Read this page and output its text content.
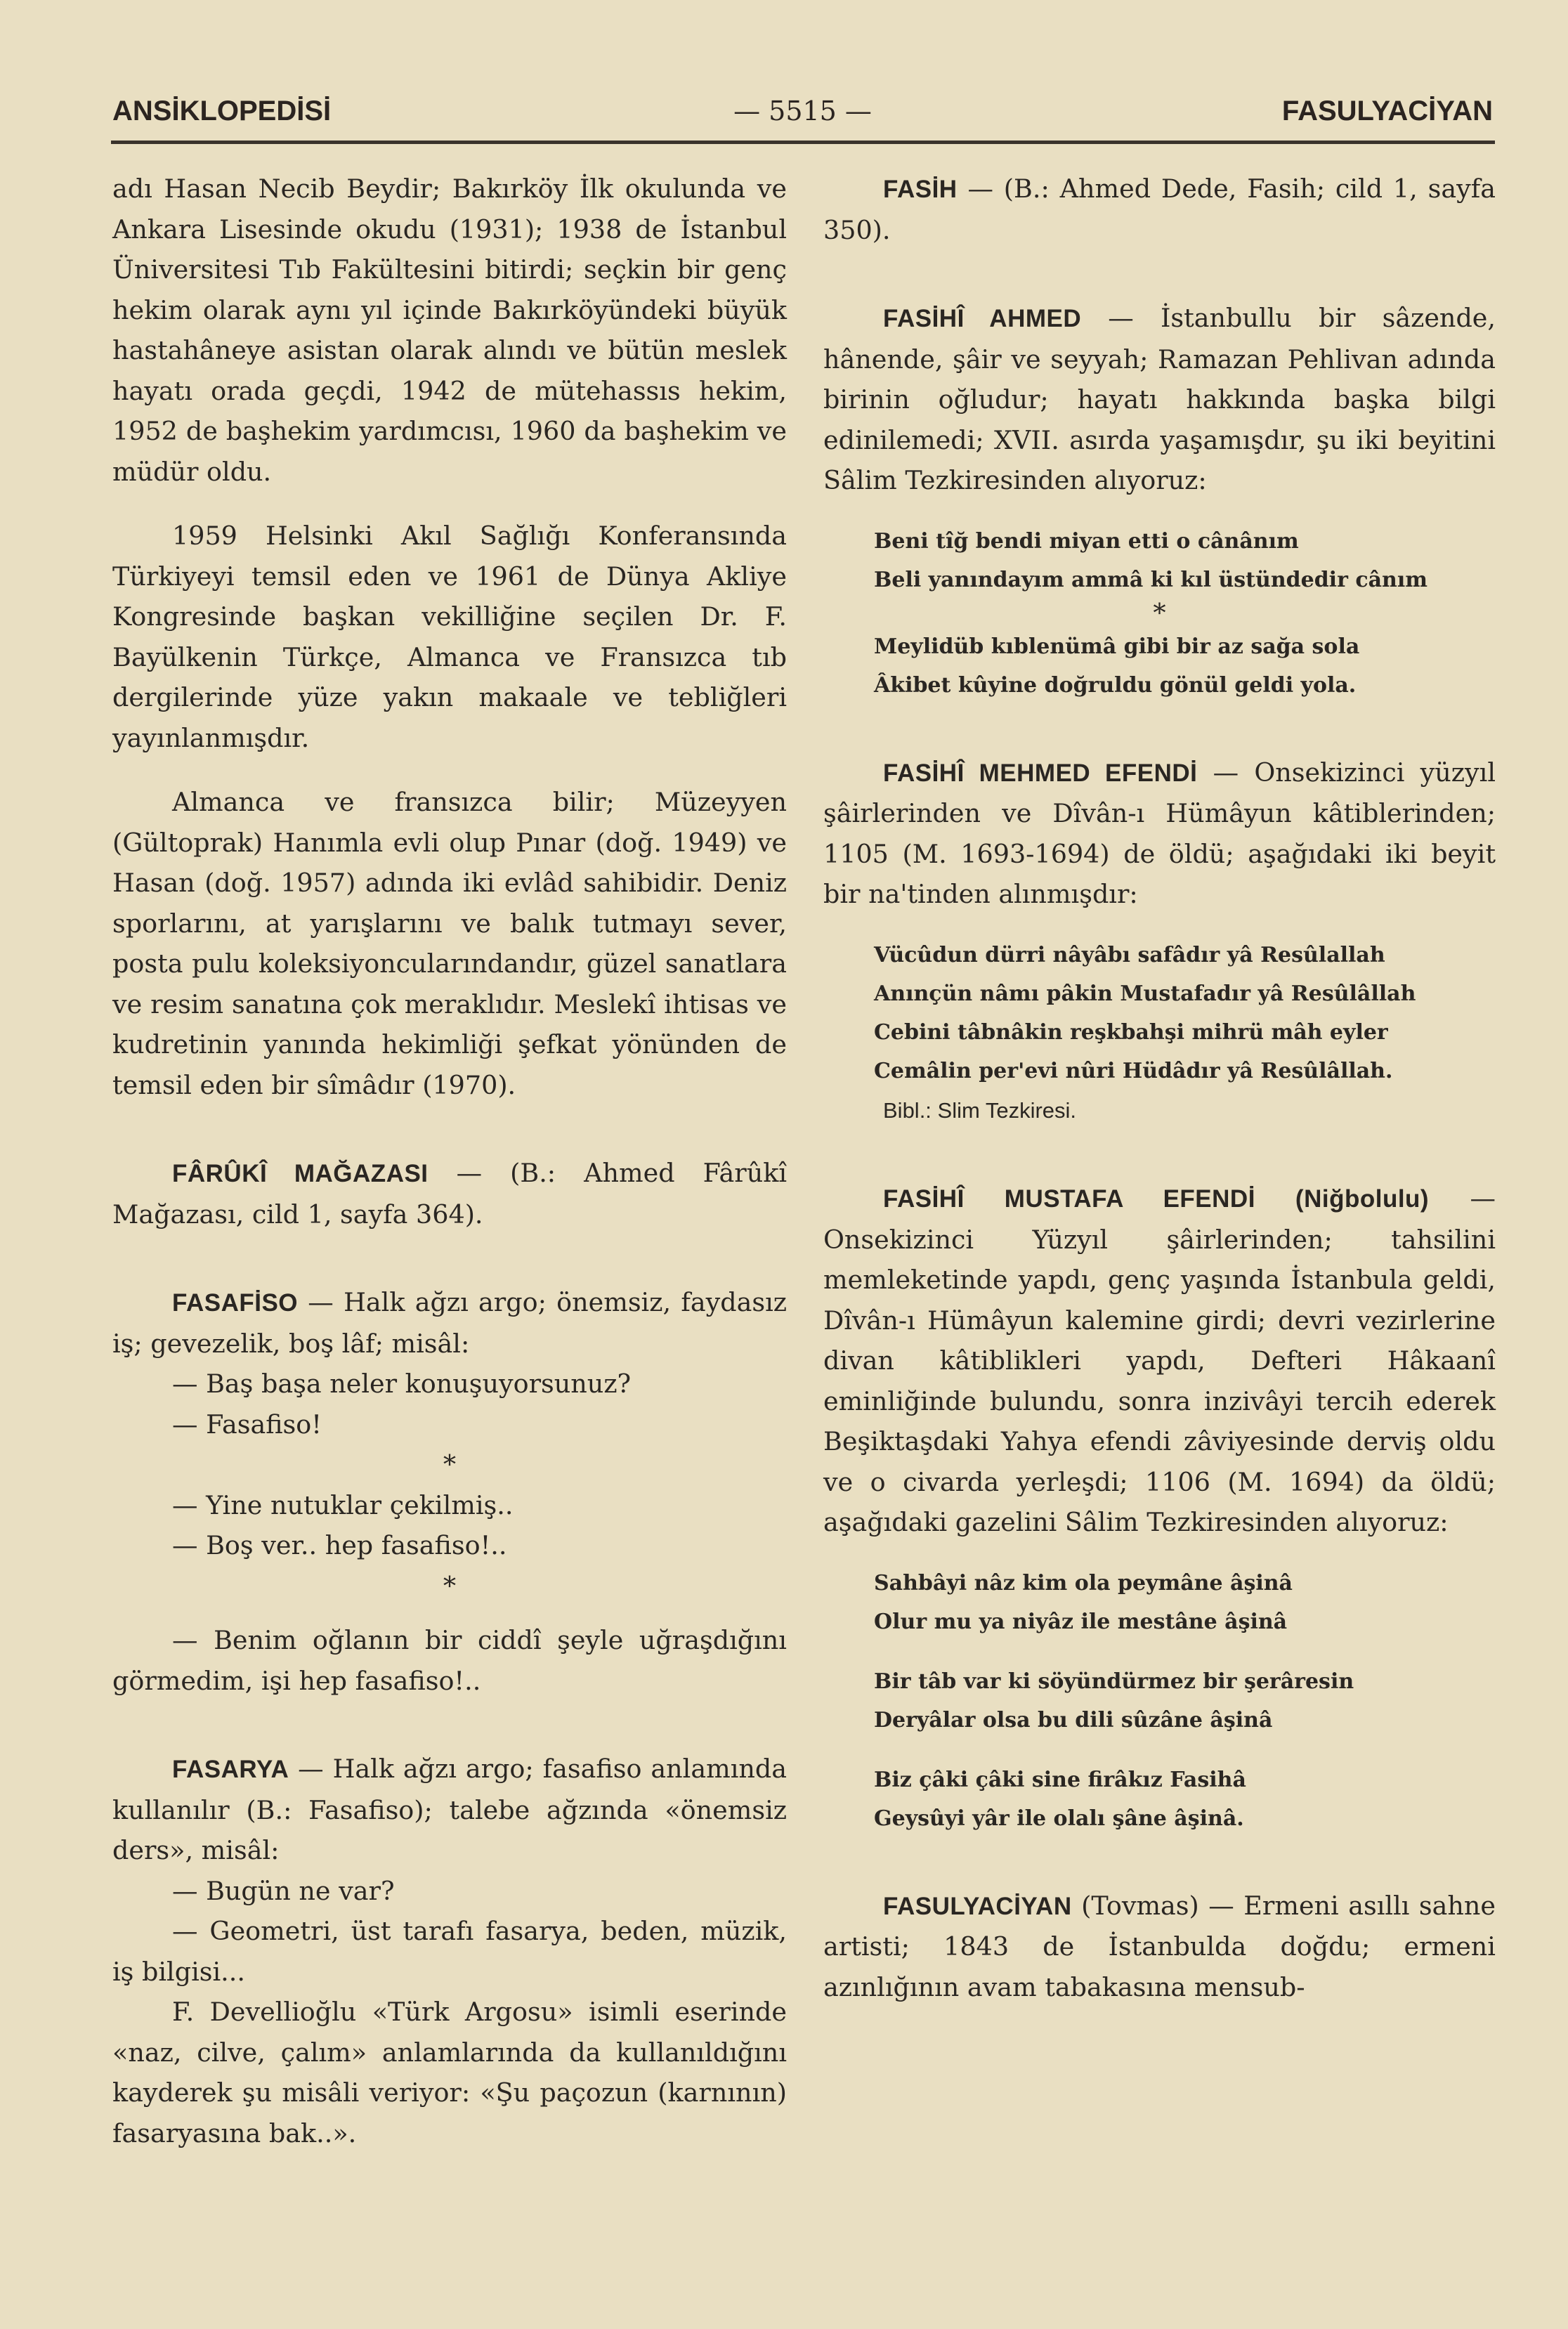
ANSİKLOPEDİSİ	— 5515 —	FASULYACİYAN

adı Hasan Necib Beydir; Bakırköy İlk okulunda ve Ankara Lisesinde okudu (1931); 1938 de İstanbul Üniversitesi Tıb Fakültesini bitirdi; seçkin bir genç hekim olarak aynı yıl içinde Bakırköyündeki büyük hastahâneye asistan olarak alındı ve bütün meslek hayatı orada geçdi, 1942 de mütehassıs hekim, 1952 de başhekim yardımcısı, 1960 da başhekim ve müdür oldu.

1959 Helsinki Akıl Sağlığı Konferansında Türkiyeyi temsil eden ve 1961 de Dünya Akliye Kongresinde başkan vekilliğine seçilen Dr. F. Bayülkenin Türkçe, Almanca ve Fransızca tıb dergilerinde yüze yakın makaale ve tebliğleri yayınlanmışdır.

Almanca ve fransızca bilir; Müzeyyen (Gültoprak) Hanımla evli olup Pınar (doğ. 1949) ve Hasan (doğ. 1957) adında iki evlâd sahibidir. Deniz sporlarını, at yarışlarını ve balık tutmayı sever, posta pulu koleksiyoncularındandır, güzel sanatlara ve resim sanatına çok meraklıdır. Meslekî ihtisas ve kudretinin yanında hekimliği şefkat yönünden de temsil eden bir sîmâdır (1970).

FÂRÛKÎ MAĞAZASI — (B.: Ahmed Fârûkî Mağazası, cild 1, sayfa 364).

FASAFİSO — Halk ağzı argo; önemsiz, faydasız iş; gevezelik, boş lâf; misâl:

— Baş başa neler konuşuyorsunuz?

— Fasafiso!

*

— Yine nutuklar çekilmiş..

— Boş ver.. hep fasafiso!..

*

— Benim oğlanın bir ciddî şeyle uğraşdığını görmedim, işi hep fasafiso!..

FASARYA — Halk ağzı argo; fasafiso anlamında kullanılır (B.: Fasafiso); talebe ağzında «önemsiz ders», misâl:

— Bugün ne var?

— Geometri, üst tarafı fasarya, beden, müzik, iş bilgisi...

F. Devellioğlu «Türk Argosu» isimli eserinde «naz, cilve, çalım» anlamlarında da kullanıldığını kayderek şu misâli veriyor: «Şu paçozun (karnının) fasaryasına bak..».

FASİH — (B.: Ahmed Dede, Fasih; cild 1, sayfa 350).

FASİHÎ AHMED — İstanbullu bir sâzende, hânende, şâir ve seyyah; Ramazan Pehlivan adında birinin oğludur; hayatı hakkında başka bilgi edinilemedi; XVII. asırda yaşamışdır, şu iki beyitini Sâlim Tezkiresinden alıyoruz:

Beni tîğ bendi miyan etti o cânânım

Beli yanındayım ammâ ki kıl üstündedir cânım

*

Meylidüb kıblenümâ gibi bir az sağa sola

Âkibet kûyine doğruldu gönül geldi yola.

FASİHÎ MEHMED EFENDİ — Onsekizinci yüzyıl şâirlerinden ve Dîvân-ı Hümâyun kâtiblerinden; 1105 (M. 1693-1694) de öldü; aşağıdaki iki beyit bir na'tinden alınmışdır:

Vücûdun dürri nâyâbı safâdır yâ Resûlallah

Anınçün nâmı pâkin Mustafadır yâ Resûlâllah

Cebini tâbnâkin reşkbahşi mihrü mâh eyler

Cemâlin per'evi nûri Hüdâdır yâ Resûlâllah.

Bibl.: Slim Tezkiresi.

FASİHÎ MUSTAFA EFENDİ (Niğbolulu) — Onsekizinci Yüzyıl şâirlerinden; tahsilini memleketinde yapdı, genç yaşında İstanbula geldi, Dîvân-ı Hümâyun kalemine girdi; devri vezirlerine divan kâtiblikleri yapdı, Defteri Hâkaanî eminliğinde bulundu, sonra inzivâyi tercih ederek Beşiktaşdaki Yahya efendi zâviyesinde derviş oldu ve o civarda yerleşdi; 1106 (M. 1694) da öldü; aşağıdaki gazelini Sâlim Tezkiresinden alıyoruz:

Sahbâyi nâz kim ola peymâne âşinâ

Olur mu ya niyâz ile mestâne âşinâ

Bir tâb var ki söyündürmez bir şerâresin

Deryâlar olsa bu dili sûzâne âşinâ

Biz çâki çâki sine firâkız Fasihâ

Geysûyi yâr ile olalı şâne âşinâ.

FASULYACİYAN (Tovmas) — Ermeni asıllı sahne artisti; 1843 de İstanbulda doğdu; ermeni azınlığının avam tabakasına mensub-
